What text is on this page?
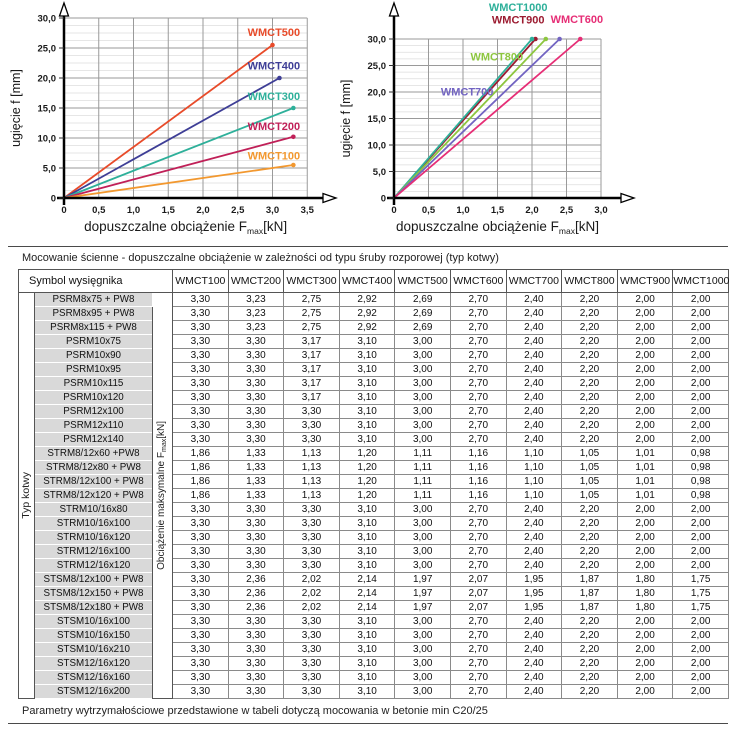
WMCT500
WMCT400
WMCT300
WMCT200
WMCT100
0
5,0
10,0
15,0
20,0
25,0
30,0
0	0,5 1,0 1,5 2,0 2,5 3,0 3,5
ugięcie f [mm]
dopuszczalne obciążenie $F_{max}[kN]$
WMCT900
WMCT1000
WMCT800
WMCT700
WMCT600
0
5,0
10,0
15,0
20,0
25,0
30,0
0	0,5 1,0 1,5 2,0 2,5 3,0
ugięcie f [mm]
dopuszczalne obciążenie $F_{max}[kN]$
Mocowanie ścienne - dopuszczalne obciążenie w zależności od typu śruby rozporowej (typ kotwy)
Symbol wysięgnika			WMCT100	WMCT200	WMCT300	WMCT400	WMCT500	WMCT600	WMCT700	WMCT800	WMCT900	WMCT1000

Typ kotwy	PSRM8x75 + PW8	Obciążenie maksymalne $F_{max}[kN]$	3,30	3,23	2,75	2,92	2,69	2,70	2,40	2,20	2,00	2,00
	PSRM8x95 + PW8		3,30	3,23	2,75	2,92	2,69	2,70	2,40	2,20	2,00	2,00
	PSRM8x115 + PW8		3,30	3,23	2,75	2,92	2,69	2,70	2,40	2,20	2,00	2,00
	PSRM10x75		3,30	3,30	3,17	3,10	3,00	2,70	2,40	2,20	2,00	2,00
	PSRM10x90		3,30	3,30	3,17	3,10	3,00	2,70	2,40	2,20	2,00	2,00
	PSRM10x95		3,30	3,30	3,17	3,10	3,00	2,70	2,40	2,20	2,00	2,00
	PSRM10x115		3,30	3,30	3,17	3,10	3,00	2,70	2,40	2,20	2,00	2,00
	PSRM10x120		3,30	3,30	3,17	3,10	3,00	2,70	2,40	2,20	2,00	2,00
	PSRM12x100		3,30	3,30	3,30	3,10	3,00	2,70	2,40	2,20	2,00	2,00
	PSRM12x110		3,30	3,30	3,30	3,10	3,00	2,70	2,40	2,20	2,00	2,00
	PSRM12x140		3,30	3,30	3,30	3,10	3,00	2,70	2,40	2,20	2,00	2,00
	STRM8/12x60 +PW8		1,86	1,33	1,13	1,20	1,11	1,16	1,10	1,05	1,01	0,98
	STRM8/12x80 + PW8		1,86	1,33	1,13	1,20	1,11	1,16	1,10	1,05	1,01	0,98
	STRM8/12x100 + PW8		1,86	1,33	1,13	1,20	1,11	1,16	1,10	1,05	1,01	0,98
	STRM8/12x120 + PW8		1,86	1,33	1,13	1,20	1,11	1,16	1,10	1,05	1,01	0,98
	STRM10/16x80		3,30	3,30	3,30	3,10	3,00	2,70	2,40	2,20	2,00	2,00
	STRM10/16x100		3,30	3,30	3,30	3,10	3,00	2,70	2,40	2,20	2,00	2,00
	STRM10/16x120		3,30	3,30	3,30	3,10	3,00	2,70	2,40	2,20	2,00	2,00
	STRM12/16x100		3,30	3,30	3,30	3,10	3,00	2,70	2,40	2,20	2,00	2,00
	STRM12/16x120		3,30	3,30	3,30	3,10	3,00	2,70	2,40	2,20	2,00	2,00
	STSM8/12x100 + PW8		3,30	2,36	2,02	2,14	1,97	2,07	1,95	1,87	1,80	1,75
	STSM8/12x150 + PW8		3,30	2,36	2,02	2,14	1,97	2,07	1,95	1,87	1,80	1,75
	STSM8/12x180 + PW8		3,30	2,36	2,02	2,14	1,97	2,07	1,95	1,87	1,80	1,75
	STSM10/16x100		3,30	3,30	3,30	3,10	3,00	2,70	2,40	2,20	2,00	2,00
	STSM10/16x150		3,30	3,30	3,30	3,10	3,00	2,70	2,40	2,20	2,00	2,00
	STSM10/16x210		3,30	3,30	3,30	3,10	3,00	2,70	2,40	2,20	2,00	2,00
	STSM12/16x120		3,30	3,30	3,30	3,10	3,00	2,70	2,40	2,20	2,00	2,00
	STSM12/16x160		3,30	3,30	3,30	3,10	3,00	2,70	2,40	2,20	2,00	2,00
	STSM12/16x200		3,30	3,30	3,30	3,10	3,00	2,70	2,40	2,20	2,00	2,00
Parametry wytrzymałościowe przedstawione w tabeli dotyczą mocowania w betonie min C20/25
